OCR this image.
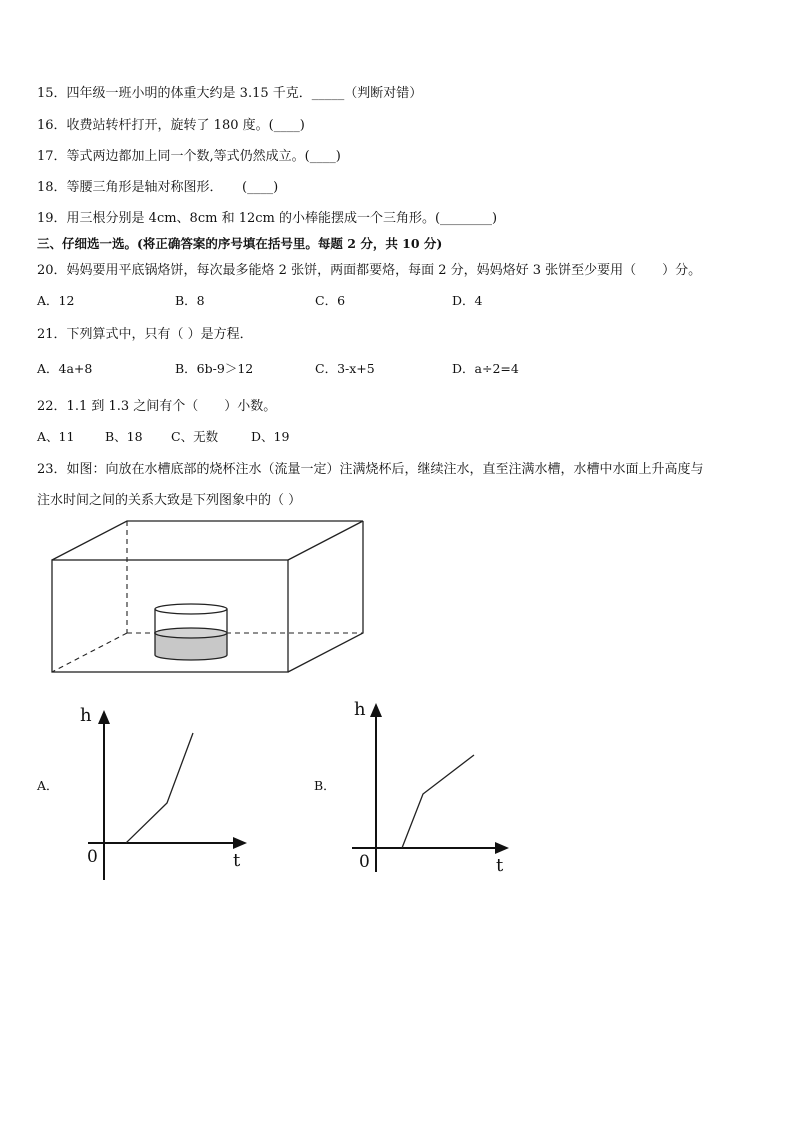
15．四年级一班小明的体重大约是 3.15 千克．_____（判断对错）
16．收费站转杆打开，旋转了 180 度。(____)
17．等式两边都加上同一个数,等式仍然成立。(____)
18．等腰三角形是轴对称图形．　　(____)
19．用三根分别是 4cm、8cm 和 12cm 的小棒能摆成一个三角形。(________)
三、仔细选一选。(将正确答案的序号填在括号里。每题 2 分，共 10 分)
20．妈妈要用平底锅烙饼，每次最多能烙 2 张饼，两面都要烙，每面 2 分，妈妈烙好 3 张饼至少要用（　　）分。
A．12	B．8	C．6	D．4
21．下列算式中，只有（ ）是方程．
A．4a+8	B．6b-9＞12	C．3-x+5	D．a÷2=4
22．1.1 到 1.3 之间有个（　　）小数。
A、11 B、18 C、无数	D、19
23．如图：向放在水槽底部的烧杯注水（流量一定）注满烧杯后，继续注水，直至注满水槽，水槽中水面上升高度与
注水时间之间的关系大致是下列图象中的（ ）
A．
h
t
0
B．
h
t
0
